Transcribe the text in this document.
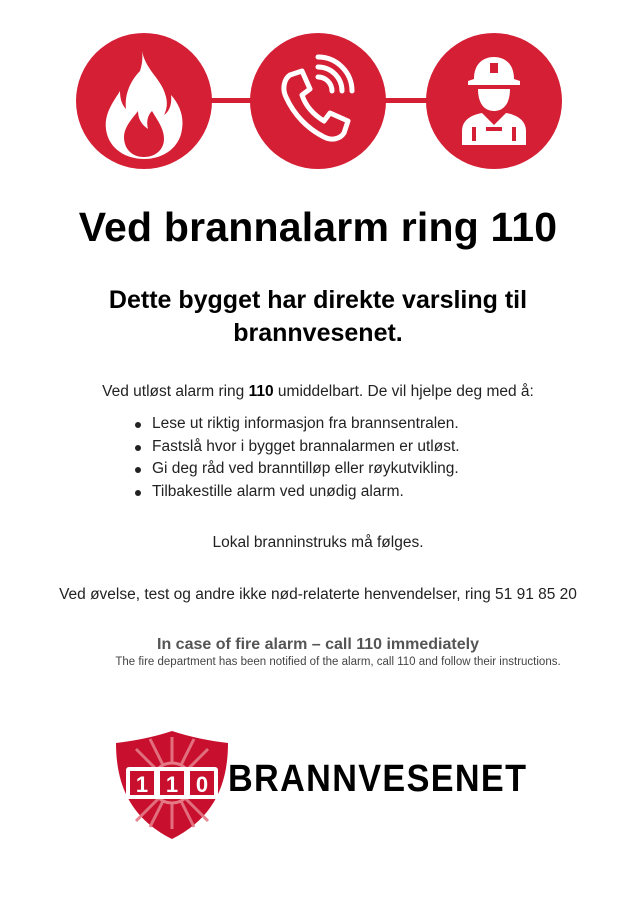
Ved brannalarm ring 110
Dette bygget har direkte varsling til brannvesenet.
Ved utløst alarm ring 110 umiddelbart. De vil hjelpe deg med å:
Lese ut riktig informasjon fra brannsentralen.
Fastslå hvor i bygget brannalarmen er utløst.
Gi deg råd ved branntilløp eller røykutvikling.
Tilbakestille alarm ved unødig alarm.
Lokal branninstruks må følges.
Ved øvelse, test og andre ikke nød-relaterte henvendelser, ring 51 91 85 20
In case of fire alarm – call 110 immediately
The fire department has been notified of the alarm, call 110 and follow their instructions.
1 1 0 BRANNVESENET
